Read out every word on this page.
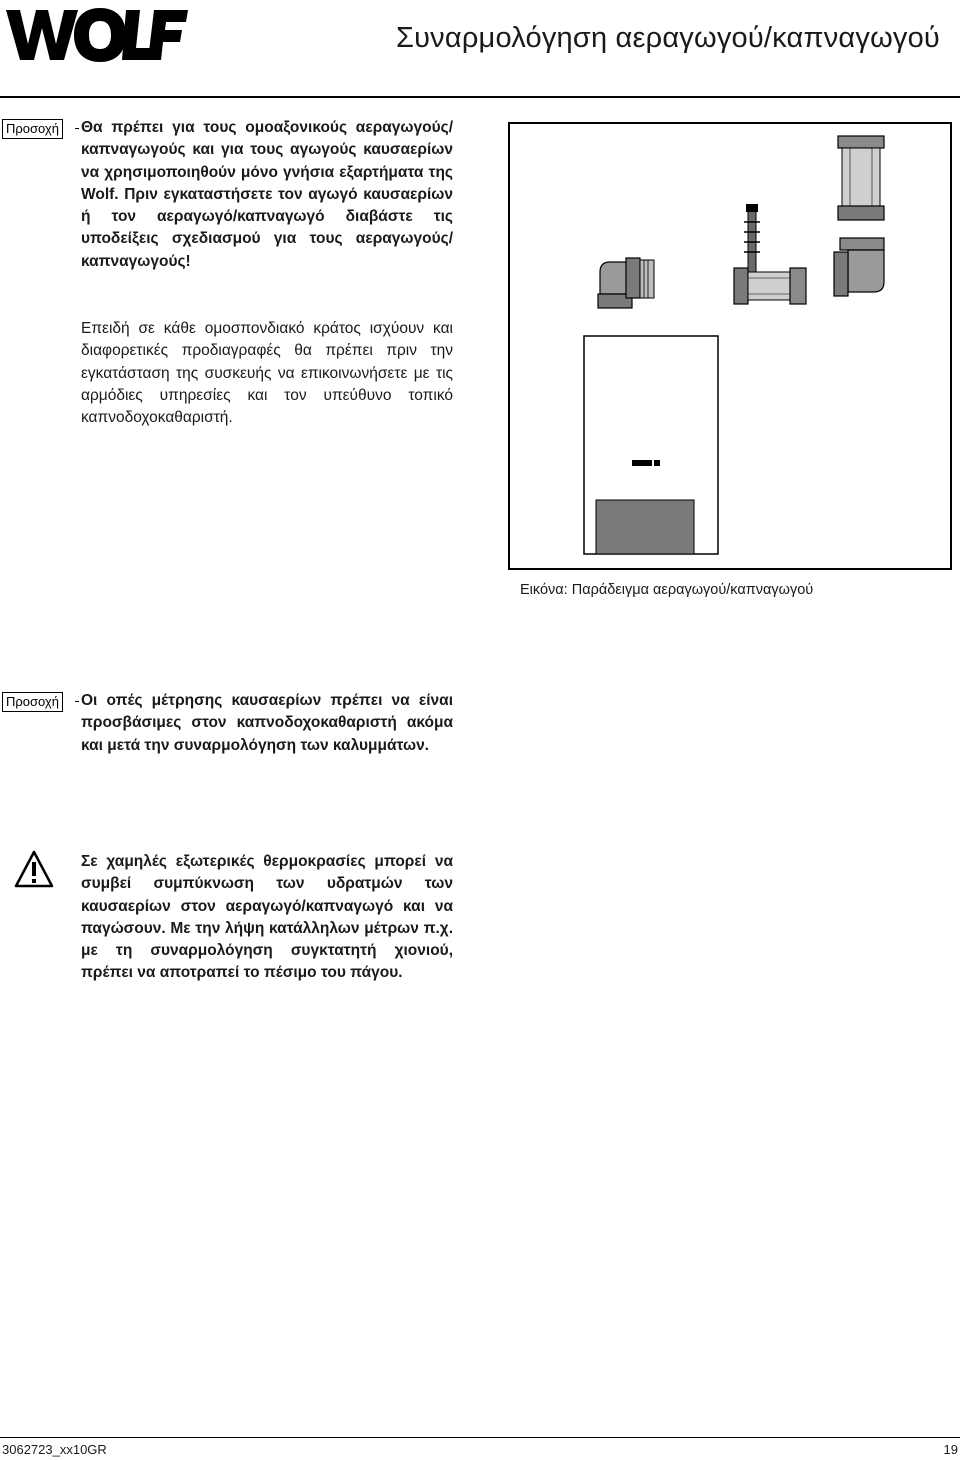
Συναρμολόγηση αεραγωγού/καπναγωγού
Προσοχή Θα πρέπει για τους ομοαξονικούς αεραγωγούς/καπναγωγούς και για τους αγωγούς καυσαερίων να χρησιμοποιηθούν μόνο γνήσια εξαρτήματα της Wolf. Πριν εγκαταστήσετε τον αγωγό καυσαερίων ή τον αεραγωγό/καπναγωγό διαβάστε τις υποδείξεις σχεδιασμού για τους αεραγωγούς/καπναγωγούς!

Επειδή σε κάθε ομοσπονδιακό κράτος ισχύουν και διαφορετικές προδιαγραφές θα πρέπει πριν την εγκατάσταση της συσκευής να επικοινωνήσετε με τις αρμόδιες υπηρεσίες και τον υπεύθυνο τοπικό καπνοδοχοκαθαριστή.

Εικόνα: Παράδειγμα αεραγωγού/καπναγωγού
Προσοχή Οι οπές μέτρησης καυσαερίων πρέπει να είναι προσβάσιμες στον καπνοδοχοκαθαριστή ακόμα και μετά την συναρμολόγηση των καλυμμάτων.

Σε χαμηλές εξωτερικές θερμοκρασίες μπορεί να συμβεί συμπύκνωση των υδρατμών των καυσαερίων στον αεραγωγό/καπναγωγό και να παγώσουν. Με την λήψη κατάλληλων μέτρων π.χ. με τη συναρμολόγηση συγκτατητή χιονιού, πρέπει να αποτραπεί το πέσιμο του πάγου.

3062723_xx10GR	19
